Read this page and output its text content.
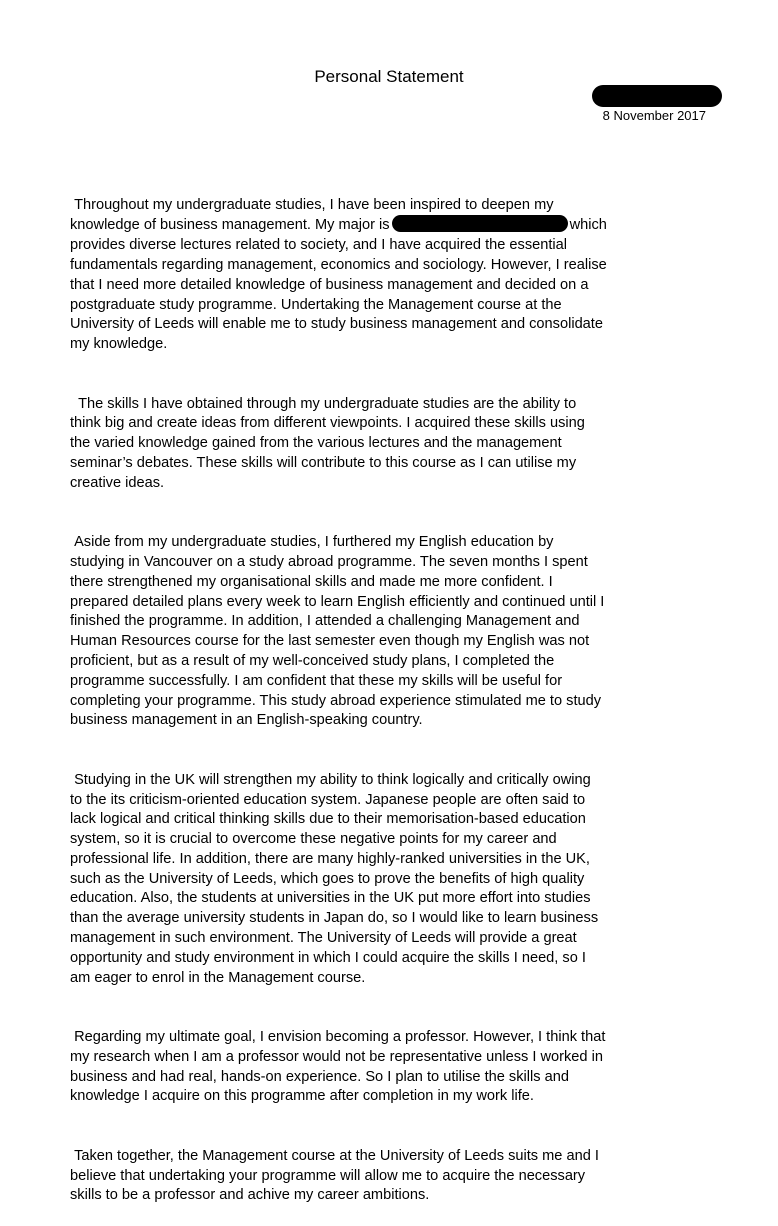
Personal Statement
8 November 2017

Throughout my undergraduate studies, I have been inspired to deepen my
knowledge of business management. My major is	which
provides diverse lectures related to society, and I have acquired the essential
fundamentals regarding management, economics and sociology. However, I realise
that I need more detailed knowledge of business management and decided on a
postgraduate study programme. Undertaking the Management course at the
University of Leeds will enable me to study business management and consolidate
my knowledge.

The skills I have obtained through my undergraduate studies are the ability to
think big and create ideas from different viewpoints. I acquired these skills using
the varied knowledge gained from the various lectures and the management
seminar’s debates. These skills will contribute to this course as I can utilise my
creative ideas.

Aside from my undergraduate studies, I furthered my English education by
studying in Vancouver on a study abroad programme. The seven months I spent
there strengthened my organisational skills and made me more confident. I
prepared detailed plans every week to learn English efficiently and continued until I
finished the programme. In addition, I attended a challenging Management and
Human Resources course for the last semester even though my English was not
proficient, but as a result of my well-conceived study plans, I completed the
programme successfully. I am confident that these my skills will be useful for
completing your programme. This study abroad experience stimulated me to study
business management in an English-speaking country.

Studying in the UK will strengthen my ability to think logically and critically owing
to the its criticism-oriented education system. Japanese people are often said to
lack logical and critical thinking skills due to their memorisation-based education
system, so it is crucial to overcome these negative points for my career and
professional life. In addition, there are many highly-ranked universities in the UK,
such as the University of Leeds, which goes to prove the benefits of high quality
education. Also, the students at universities in the UK put more effort into studies
than the average university students in Japan do, so I would like to learn business
management in such environment. The University of Leeds will provide a great
opportunity and study environment in which I could acquire the skills I need, so I
am eager to enrol in the Management course.

Regarding my ultimate goal, I envision becoming a professor. However, I think that
my research when I am a professor would not be representative unless I worked in
business and had real, hands-on experience. So I plan to utilise the skills and
knowledge I acquire on this programme after completion in my work life.

Taken together, the Management course at the University of Leeds suits me and I
believe that undertaking your programme will allow me to acquire the necessary
skills to be a professor and achive my career ambitions.
